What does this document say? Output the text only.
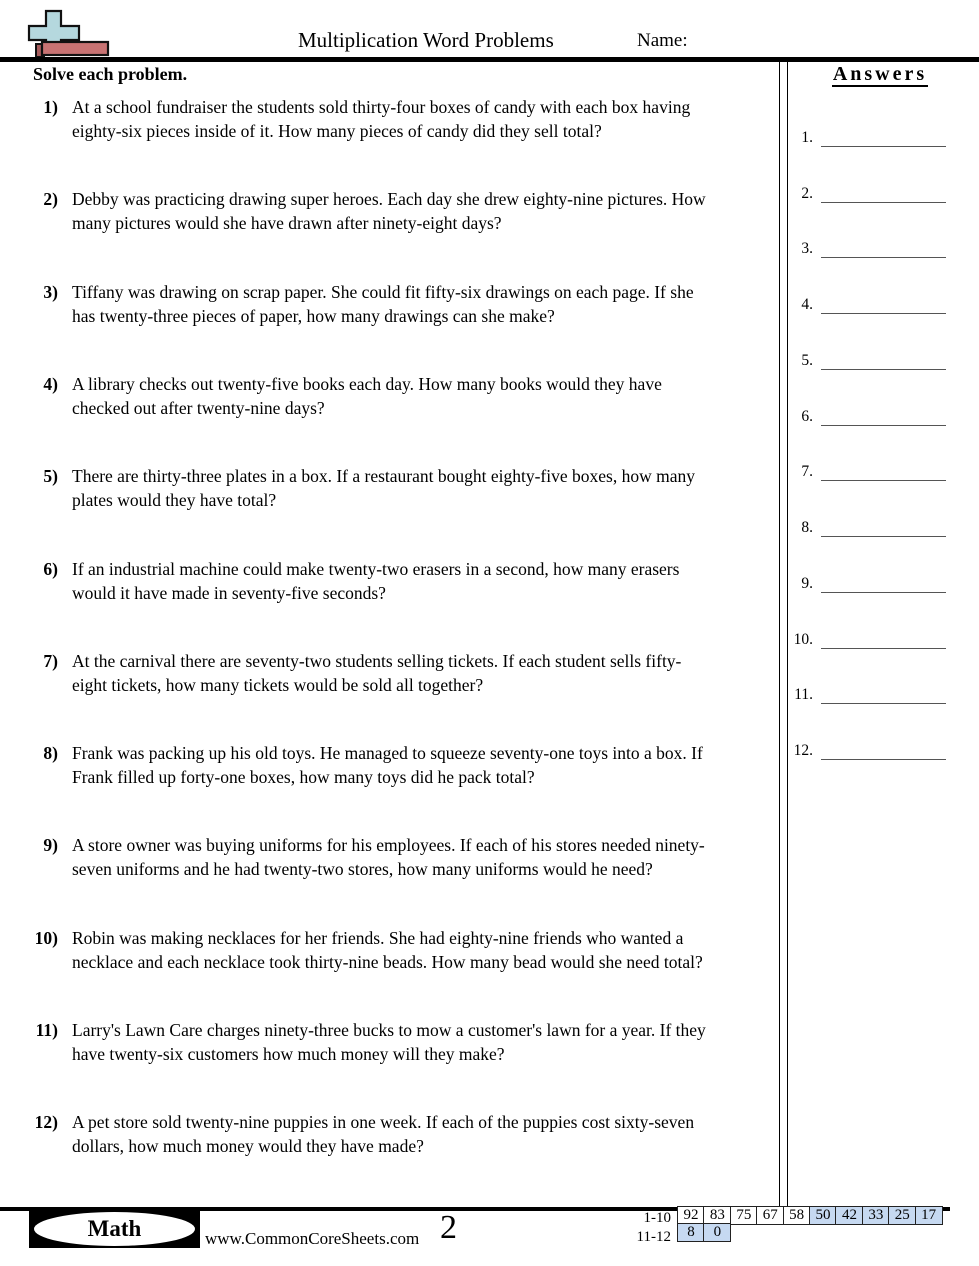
Multiplication Word Problems	Name:
Solve each problem.
1) At a school fundraiser the students sold thirty-four boxes of candy with each box having
eighty-six pieces inside of it. How many pieces of candy did they sell total?
2) Debby was practicing drawing super heroes. Each day she drew eighty-nine pictures. How
many pictures would she have drawn after ninety-eight days?
3) Tiffany was drawing on scrap paper. She could fit fifty-six drawings on each page. If she
has twenty-three pieces of paper, how many drawings can she make?
4) A library checks out twenty-five books each day. How many books would they have
checked out after twenty-nine days?
5) There are thirty-three plates in a box. If a restaurant bought eighty-five boxes, how many
plates would they have total?
6) If an industrial machine could make twenty-two erasers in a second, how many erasers
would it have made in seventy-five seconds?
7) At the carnival there are seventy-two students selling tickets. If each student sells fifty-
eight tickets, how many tickets would be sold all together?
8) Frank was packing up his old toys. He managed to squeeze seventy-one toys into a box. If
Frank filled up forty-one boxes, how many toys did he pack total?
9) A store owner was buying uniforms for his employees. If each of his stores needed ninety-
seven uniforms and he had twenty-two stores, how many uniforms would he need?
10) Robin was making necklaces for her friends. She had eighty-nine friends who wanted a
necklace and each necklace took thirty-nine beads. How many bead would she need total?
11) Larry's Lawn Care charges ninety-three bucks to mow a customer's lawn for a year. If they
have twenty-six customers how much money will they make?
12) A pet store sold twenty-nine puppies in one week. If each of the puppies cost sixty-seven
dollars, how much money would they have made?
Answers
1.
2.
3.
4.
5.
6.
7.
8.
9.
10.
11.
12.
Math	www.CommonCoreSheets.com 2	1-10
11-12
92 83 75 67 58 50 42 33 25 17
8	0
